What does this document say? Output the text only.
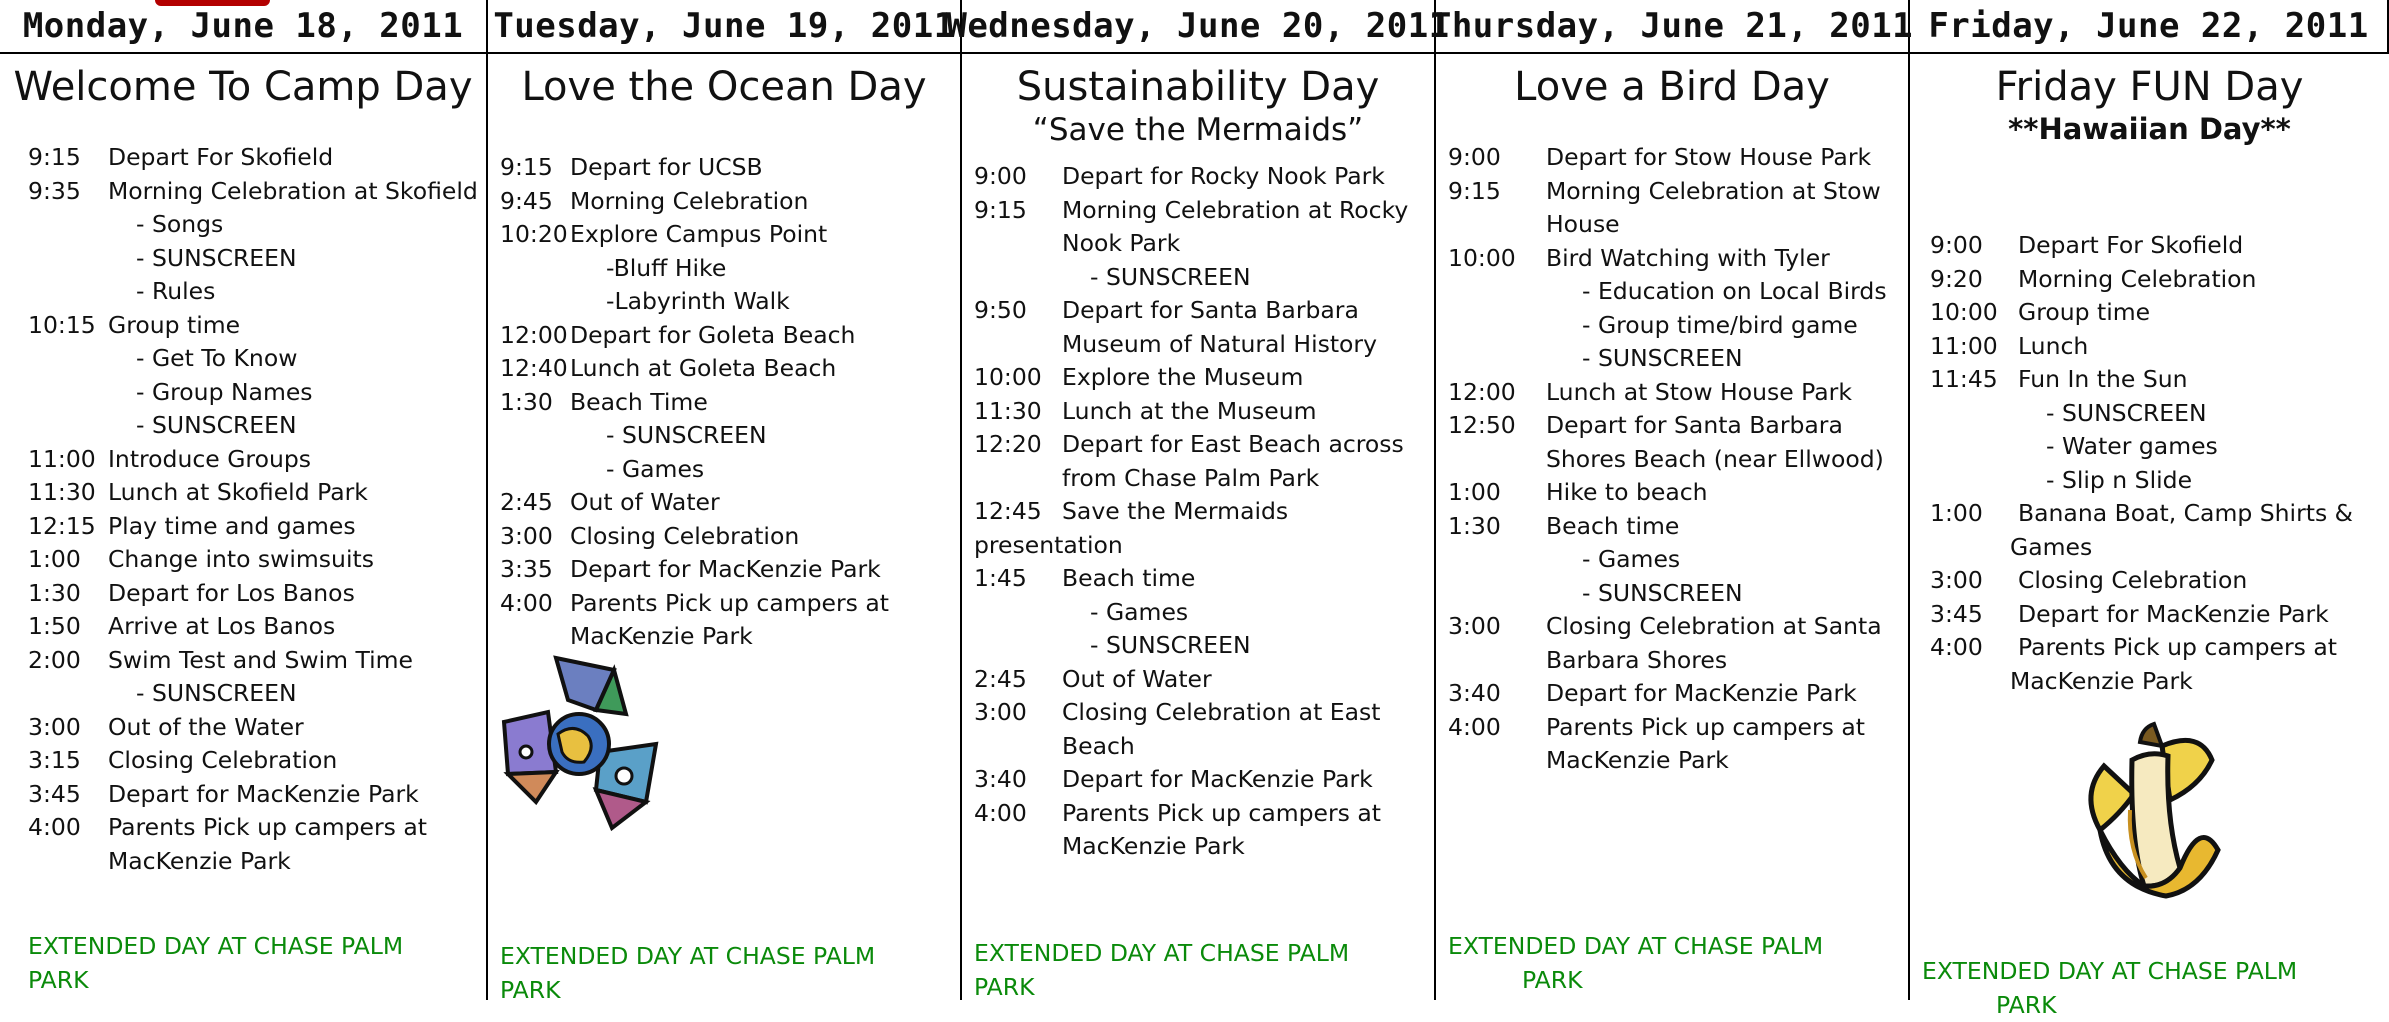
Monday, June 18, 2011 Tuesday, June 19, 2011
Wednesday, June 20, 2011
Thursday, June 21, 2011 Friday, June 22, 2011
Welcome To Camp Day
9:15 Depart For Skofield
9:35 Morning Celebration at Skofield
- Songs
- SUNSCREEN
- Rules
10:15 Group time
- Get To Know
- Group Names
- SUNSCREEN
11:00 Introduce Groups
11:30 Lunch at Skofield Park
12:15 Play time and games
1:00 Change into swimsuits
1:30 Depart for Los Banos
1:50 Arrive at Los Banos
2:00 Swim Test and Swim Time
- SUNSCREEN
3:00 Out of the Water
3:15 Closing Celebration
3:45 Depart for MacKenzie Park
4:00 Parents Pick up campers at
MacKenzie Park
EXTENDED DAY AT CHASE PALM
PARK
Love the Ocean Day
9:15 Depart for UCSB
9:45 Morning Celebration
10:20 Explore Campus Point
-Bluff Hike
-Labyrinth Walk
12:00 Depart for Goleta Beach
12:40 Lunch at Goleta Beach
1:30 Beach Time
- SUNSCREEN
- Games
2:45 Out of Water
3:00 Closing Celebration
3:35 Depart for MacKenzie Park
4:00 Parents Pick up campers at
MacKenzie Park
EXTENDED DAY AT CHASE PALM
PARK
Sustainability Day
“Save the Mermaids”
9:00 Depart for Rocky Nook Park
9:15 Morning Celebration at Rocky
Nook Park
- SUNSCREEN
9:50 Depart for Santa Barbara
Museum of Natural History
10:00 Explore the Museum
11:30 Lunch at the Museum
12:20 Depart for East Beach across
from Chase Palm Park
12:45 Save the Mermaids
presentation
1:45 Beach time
- Games
- SUNSCREEN
2:45 Out of Water
3:00 Closing Celebration at East
Beach
3:40 Depart for MacKenzie Park
4:00 Parents Pick up campers at
MacKenzie Park
EXTENDED DAY AT CHASE PALM
PARK
Love a Bird Day
9:00 Depart for Stow House Park
9:15 Morning Celebration at Stow
House
10:00 Bird Watching with Tyler
- Education on Local Birds
- Group time/bird game
- SUNSCREEN
12:00 Lunch at Stow House Park
12:50 Depart for Santa Barbara
Shores Beach (near Ellwood)
1:00 Hike to beach
1:30 Beach time
- Games
- SUNSCREEN
3:00 Closing Celebration at Santa
Barbara Shores
3:40 Depart for MacKenzie Park
4:00 Parents Pick up campers at
MacKenzie Park
EXTENDED DAY AT CHASE PALM
PARK
Friday FUN Day
**Hawaiian Day**
9:00 Depart For Skofield
9:20 Morning Celebration
10:00 Group time
11:00 Lunch
11:45 Fun In the Sun
- SUNSCREEN
- Water games
- Slip n Slide
1:00 Banana Boat, Camp Shirts &
Games
3:00 Closing Celebration
3:45 Depart for MacKenzie Park
4:00 Parents Pick up campers at
MacKenzie Park
EXTENDED DAY AT CHASE PALM
PARK
